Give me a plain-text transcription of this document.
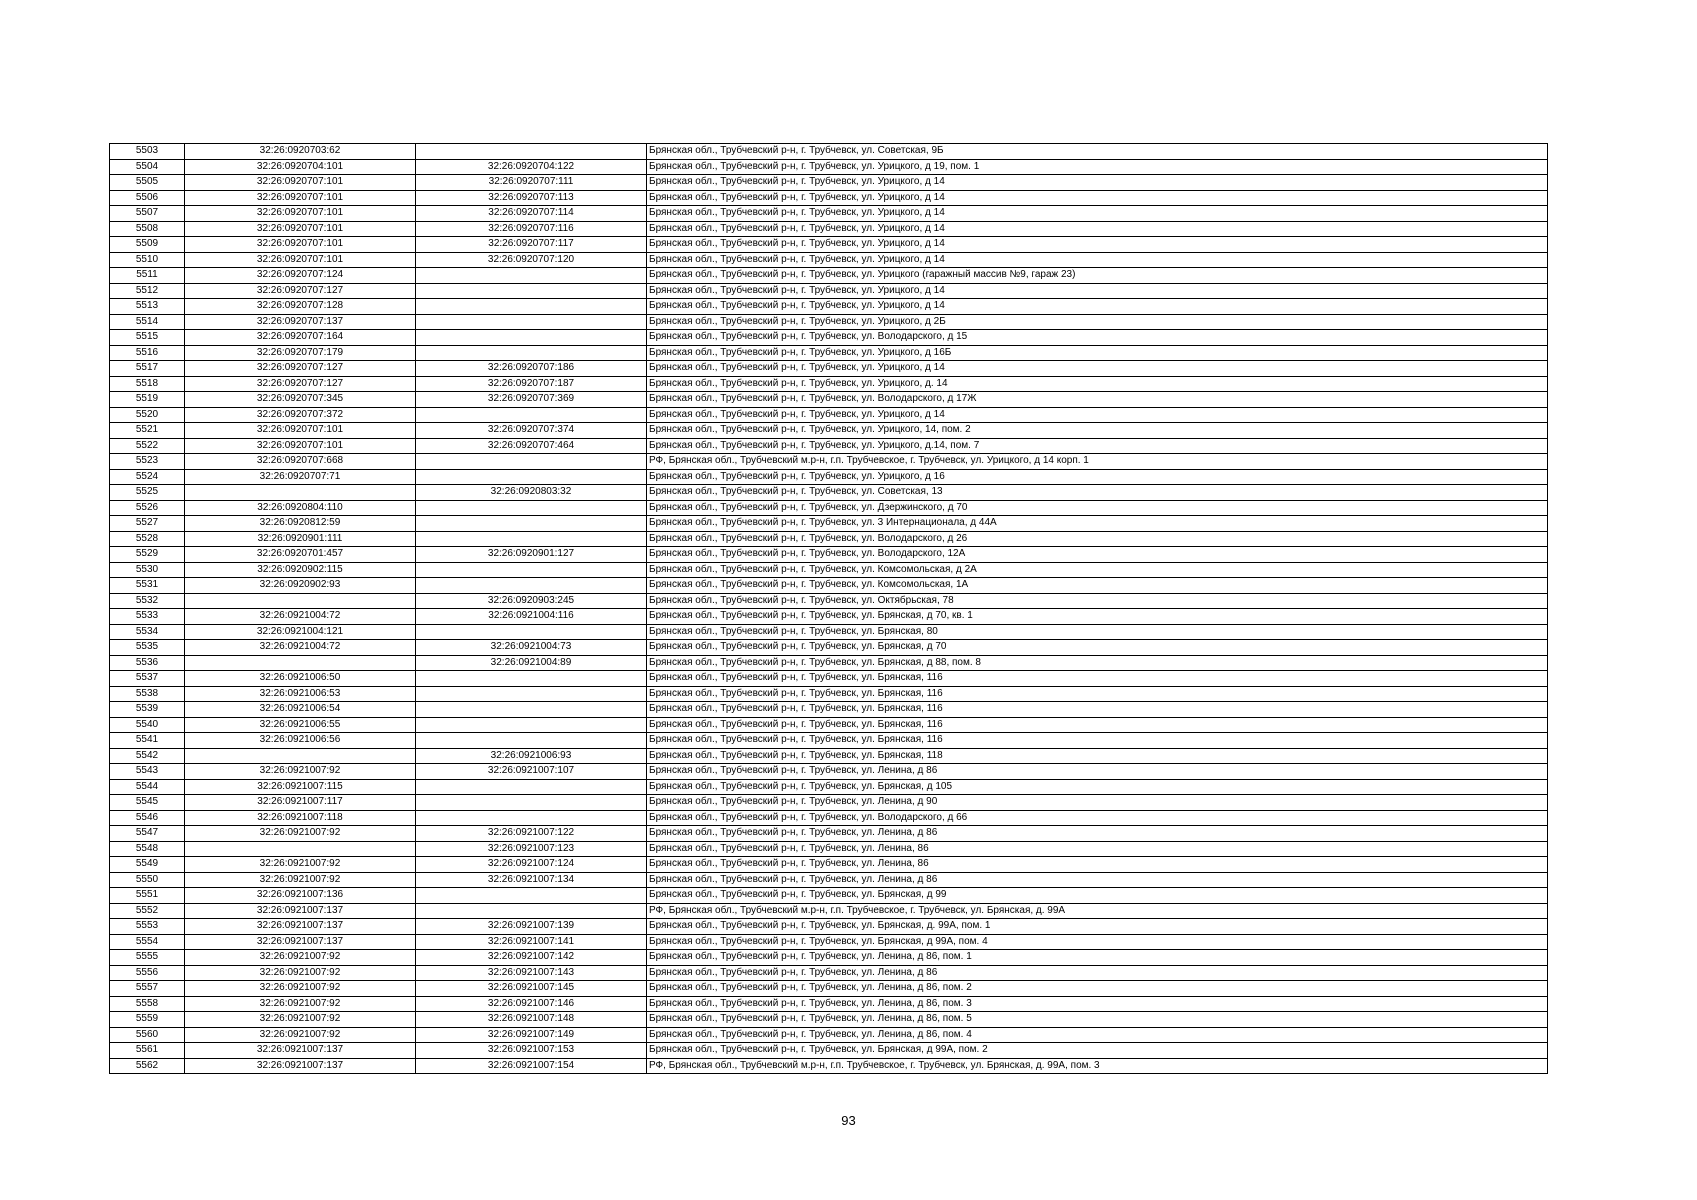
5503	32:26:0920703:62		Брянская обл., Трубчевский р-н, г. Трубчевск, ул. Советская, 9Б
5504	32:26:0920704:101	32:26:0920704:122	Брянская обл., Трубчевский р-н, г. Трубчевск, ул. Урицкого, д 19, пом. 1
5505	32:26:0920707:101	32:26:0920707:111	Брянская обл., Трубчевский р-н, г. Трубчевск, ул. Урицкого, д 14
5506	32:26:0920707:101	32:26:0920707:113	Брянская обл., Трубчевский р-н, г. Трубчевск, ул. Урицкого, д 14
5507	32:26:0920707:101	32:26:0920707:114	Брянская обл., Трубчевский р-н, г. Трубчевск, ул. Урицкого, д 14
5508	32:26:0920707:101	32:26:0920707:116	Брянская обл., Трубчевский р-н, г. Трубчевск, ул. Урицкого, д 14
5509	32:26:0920707:101	32:26:0920707:117	Брянская обл., Трубчевский р-н, г. Трубчевск, ул. Урицкого, д 14
5510	32:26:0920707:101	32:26:0920707:120	Брянская обл., Трубчевский р-н, г. Трубчевск, ул. Урицкого, д 14
5511	32:26:0920707:124		Брянская обл., Трубчевский р-н, г. Трубчевск, ул. Урицкого (гаражный массив №9, гараж 23)
5512	32:26:0920707:127		Брянская обл., Трубчевский р-н, г. Трубчевск, ул. Урицкого, д 14
5513	32:26:0920707:128		Брянская обл., Трубчевский р-н, г. Трубчевск, ул. Урицкого, д 14
5514	32:26:0920707:137		Брянская обл., Трубчевский р-н, г. Трубчевск, ул. Урицкого, д 2Б
5515	32:26:0920707:164		Брянская обл., Трубчевский р-н, г. Трубчевск, ул. Володарского, д 15
5516	32:26:0920707:179		Брянская обл., Трубчевский р-н, г. Трубчевск, ул. Урицкого, д 16Б
5517	32:26:0920707:127	32:26:0920707:186	Брянская обл., Трубчевский р-н, г. Трубчевск, ул. Урицкого, д 14
5518	32:26:0920707:127	32:26:0920707:187	Брянская обл., Трубчевский р-н, г. Трубчевск, ул. Урицкого, д. 14
5519	32:26:0920707:345	32:26:0920707:369	Брянская обл., Трубчевский р-н, г. Трубчевск, ул. Володарского, д 17Ж
5520	32:26:0920707:372		Брянская обл., Трубчевский р-н, г. Трубчевск, ул. Урицкого, д 14
5521	32:26:0920707:101	32:26:0920707:374	Брянская обл., Трубчевский р-н, г. Трубчевск, ул. Урицкого, 14, пом. 2
5522	32:26:0920707:101	32:26:0920707:464	Брянская обл., Трубчевский р-н, г. Трубчевск, ул. Урицкого, д.14, пом. 7
5523	32:26:0920707:668		РФ, Брянская обл., Трубчевский м.р-н, г.п. Трубчевское, г. Трубчевск, ул. Урицкого, д 14 корп. 1
5524	32:26:0920707:71		Брянская обл., Трубчевский р-н, г. Трубчевск, ул. Урицкого, д 16
5525		32:26:0920803:32	Брянская обл., Трубчевский р-н, г. Трубчевск, ул. Советская, 13
5526	32:26:0920804:110		Брянская обл., Трубчевский р-н, г. Трубчевск, ул. Дзержинского, д 70
5527	32:26:0920812:59		Брянская обл., Трубчевский р-н, г. Трубчевск, ул. 3 Интернационала, д 44А
5528	32:26:0920901:111		Брянская обл., Трубчевский р-н, г. Трубчевск, ул. Володарского, д 26
5529	32:26:0920701:457	32:26:0920901:127	Брянская обл., Трубчевский р-н, г. Трубчевск, ул. Володарского, 12А
5530	32:26:0920902:115		Брянская обл., Трубчевский р-н, г. Трубчевск, ул. Комсомольская, д 2А
5531	32:26:0920902:93		Брянская обл., Трубчевский р-н, г. Трубчевск, ул. Комсомольская, 1А
5532		32:26:0920903:245	Брянская обл., Трубчевский р-н, г. Трубчевск, ул. Октябрьская, 78
5533	32:26:0921004:72	32:26:0921004:116	Брянская обл., Трубчевский р-н, г. Трубчевск, ул. Брянская, д 70, кв. 1
5534	32:26:0921004:121		Брянская обл., Трубчевский р-н, г. Трубчевск, ул. Брянская, 80
5535	32:26:0921004:72	32:26:0921004:73	Брянская обл., Трубчевский р-н, г. Трубчевск, ул. Брянская, д 70
5536		32:26:0921004:89	Брянская обл., Трубчевский р-н, г. Трубчевск, ул. Брянская, д 88, пом. 8
5537	32:26:0921006:50		Брянская обл., Трубчевский р-н, г. Трубчевск, ул. Брянская, 116
5538	32:26:0921006:53		Брянская обл., Трубчевский р-н, г. Трубчевск, ул. Брянская, 116
5539	32:26:0921006:54		Брянская обл., Трубчевский р-н, г. Трубчевск, ул. Брянская, 116
5540	32:26:0921006:55		Брянская обл., Трубчевский р-н, г. Трубчевск, ул. Брянская, 116
5541	32:26:0921006:56		Брянская обл., Трубчевский р-н, г. Трубчевск, ул. Брянская, 116
5542		32:26:0921006:93	Брянская обл., Трубчевский р-н, г. Трубчевск, ул. Брянская, 118
5543	32:26:0921007:92	32:26:0921007:107	Брянская обл., Трубчевский р-н, г. Трубчевск, ул. Ленина, д 86
5544	32:26:0921007:115		Брянская обл., Трубчевский р-н, г. Трубчевск, ул. Брянская, д 105
5545	32:26:0921007:117		Брянская обл., Трубчевский р-н, г. Трубчевск, ул. Ленина, д 90
5546	32:26:0921007:118		Брянская обл., Трубчевский р-н, г. Трубчевск, ул. Володарского, д 66
5547	32:26:0921007:92	32:26:0921007:122	Брянская обл., Трубчевский р-н, г. Трубчевск, ул. Ленина, д 86
5548		32:26:0921007:123	Брянская обл., Трубчевский р-н, г. Трубчевск, ул. Ленина, 86
5549	32:26:0921007:92	32:26:0921007:124	Брянская обл., Трубчевский р-н, г. Трубчевск, ул. Ленина, 86
5550	32:26:0921007:92	32:26:0921007:134	Брянская обл., Трубчевский р-н, г. Трубчевск, ул. Ленина, д 86
5551	32:26:0921007:136		Брянская обл., Трубчевский р-н, г. Трубчевск, ул. Брянская, д 99
5552	32:26:0921007:137		РФ, Брянская обл., Трубчевский м.р-н, г.п. Трубчевское, г. Трубчевск, ул. Брянская, д. 99А
5553	32:26:0921007:137	32:26:0921007:139	Брянская обл., Трубчевский р-н, г. Трубчевск, ул. Брянская, д. 99А, пом. 1
5554	32:26:0921007:137	32:26:0921007:141	Брянская обл., Трубчевский р-н, г. Трубчевск, ул. Брянская, д 99А, пом. 4
5555	32:26:0921007:92	32:26:0921007:142	Брянская обл., Трубчевский р-н, г. Трубчевск, ул. Ленина, д 86, пом. 1
5556	32:26:0921007:92	32:26:0921007:143	Брянская обл., Трубчевский р-н, г. Трубчевск, ул. Ленина, д 86
5557	32:26:0921007:92	32:26:0921007:145	Брянская обл., Трубчевский р-н, г. Трубчевск, ул. Ленина, д 86, пом. 2
5558	32:26:0921007:92	32:26:0921007:146	Брянская обл., Трубчевский р-н, г. Трубчевск, ул. Ленина, д 86, пом. 3
5559	32:26:0921007:92	32:26:0921007:148	Брянская обл., Трубчевский р-н, г. Трубчевск, ул. Ленина, д 86, пом. 5
5560	32:26:0921007:92	32:26:0921007:149	Брянская обл., Трубчевский р-н, г. Трубчевск, ул. Ленина, д 86, пом. 4
5561	32:26:0921007:137	32:26:0921007:153	Брянская обл., Трубчевский р-н, г. Трубчевск, ул. Брянская, д 99А, пом. 2
5562	32:26:0921007:137	32:26:0921007:154	РФ, Брянская обл., Трубчевский м.р-н, г.п. Трубчевское, г. Трубчевск, ул. Брянская, д. 99А, пом. 3
93
